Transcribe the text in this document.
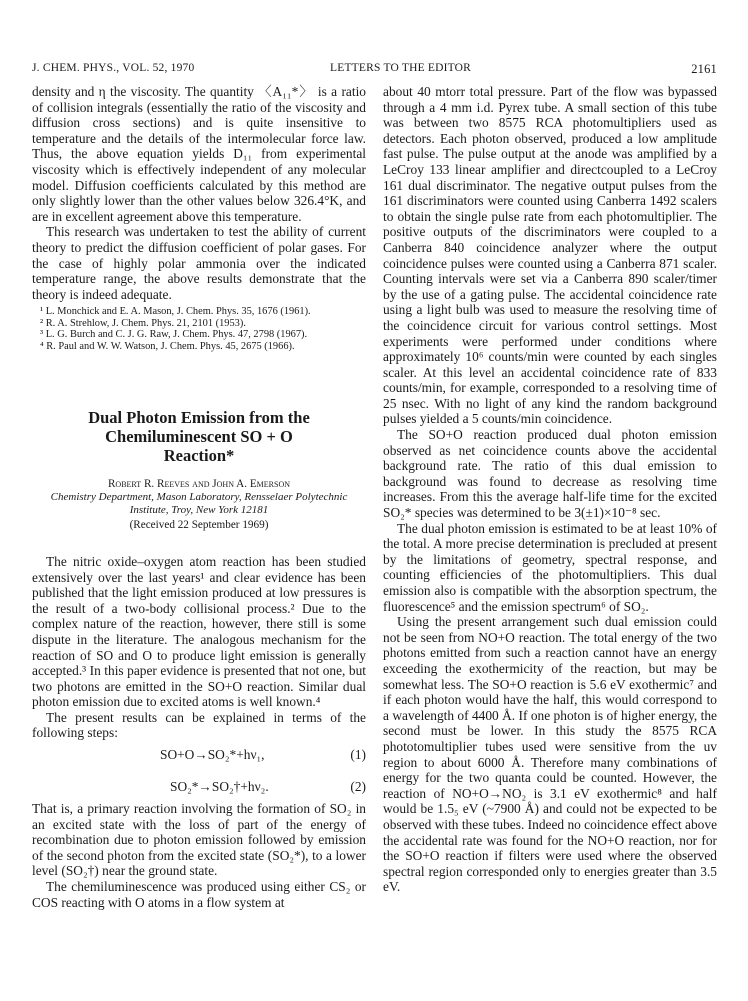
J. CHEM. PHYS., VOL. 52, 1970	LETTERS TO THE EDITOR	2161

density and η the viscosity. The quantity 〈A₁₁*〉 is a ratio of collision integrals (essentially the ratio of the viscosity and diffusion cross sections) and is quite insensitive to temperature and the details of the intermolecular force law. Thus, the above equation yields D₁₁ from experimental viscosity which is effectively independent of any molecular model. Diffusion coefficients calculated by this method are only slightly lower than the other values below 326.4°K, and are in excellent agreement above this temperature.

This research was undertaken to test the ability of current theory to predict the diffusion coefficient of polar gases. For the case of highly polar ammonia over the indicated temperature range, the above results demonstrate that the theory is indeed adequate.

¹ L. Monchick and E. A. Mason, J. Chem. Phys. 35, 1676 (1961).
² R. A. Strehlow, J. Chem. Phys. 21, 2101 (1953).
³ L. G. Burch and C. J. G. Raw, J. Chem. Phys. 47, 2798 (1967).
⁴ R. Paul and W. W. Watson, J. Chem. Phys. 45, 2675 (1966).
Dual Photon Emission from the
Chemiluminescent SO + O
Reaction*
Robert R. Reeves and John A. Emerson
Chemistry Department, Mason Laboratory, Rensselaer Polytechnic
Institute, Troy, New York 12181
(Received 22 September 1969)

The nitric oxide–oxygen atom reaction has been studied extensively over the last years¹ and clear evidence has been published that the light emission produced at low pressures is the result of a two-body collisional process.² Due to the complex nature of the reaction, however, there still is some dispute in the literature. The analogous mechanism for the reaction of SO and O to produce light emission is generally accepted.³ In this paper evidence is presented that not one, but two photons are emitted in the SO+O reaction. Similar dual photon emission due to excited atoms is well known.⁴

The present results can be explained in terms of the following steps:

SO+O→SO₂*+hν₁,	(1)
SO₂*→SO₂†+hν₂.	(2)

That is, a primary reaction involving the formation of SO₂ in an excited state with the loss of part of the energy of recombination due to photon emission followed by emission of the second photon from the excited state (SO₂*), to a lower level (SO₂†) near the ground state.

The chemiluminescence was produced using either CS₂ or COS reacting with O atoms in a flow system at

about 40 mtorr total pressure. Part of the flow was bypassed through a 4 mm i.d. Pyrex tube. A small section of this tube was between two 8575 RCA photomultipliers used as detectors. Each photon observed, produced a low amplitude fast pulse. The pulse output at the anode was amplified by a LeCroy 133 linear amplifier and directcoupled to a LeCroy 161 dual discriminator. The negative output pulses from the 161 discriminators were counted using Canberra 1492 scalers to obtain the single pulse rate from each photomultiplier. The positive outputs of the discriminators were coupled to a Canberra 840 coincidence analyzer where the output coincidence pulses were counted using a Canberra 871 scaler. Counting intervals were set via a Canberra 890 scaler/timer by the use of a gating pulse. The accidental coincidence rate using a light bulb was used to measure the resolving time of the coincidence circuit for various control settings. Most experiments were performed under conditions where approximately 10⁶ counts/min were counted by each singles scaler. At this level an accidental coincidence rate of 833 counts/min, for example, corresponded to a resolving time of 25 nsec. With no light of any kind the random background pulses yielded a 5 counts/min coincidence.

The SO+O reaction produced dual photon emission observed as net coincidence counts above the accidental background rate. The ratio of this dual emission to background was found to decrease as resolving time increases. From this the average half-life time for the excited SO₂* species was determined to be 3(±1)×10⁻⁸ sec.

The dual photon emission is estimated to be at least 10% of the total. A more precise determination is precluded at present by the limitations of geometry, spectral response, and counting efficiencies of the photomultipliers. This dual emission also is compatible with the absorption spectrum, the fluorescence⁵ and the emission spectrum⁶ of SO₂.

Using the present arrangement such dual emission could not be seen from NO+O reaction. The total energy of the two photons emitted from such a reaction cannot have an energy exceeding the exothermicity of the reaction, but may be somewhat less. The SO+O reaction is 5.6 eV exothermic⁷ and if each photon would have the half, this would correspond to a wavelength of 4400 Å. If one photon is of higher energy, the second must be lower. In this study the 8575 RCA phototomultiplier tubes used were sensitive from the uv region to about 6000 Å. Therefore many combinations of energy for the two quanta could be counted. However, the reaction of NO+O→NO₂ is 3.1 eV exothermic⁸ and half would be 1.5₅ eV (~7900 Å) and could not be expected to be observed with these tubes. Indeed no coincidence effect above the accidental rate was found for the NO+O reaction, nor for the SO+O reaction if filters were used where the observed spectral region corresponded only to energies greater than 3.5 eV.
